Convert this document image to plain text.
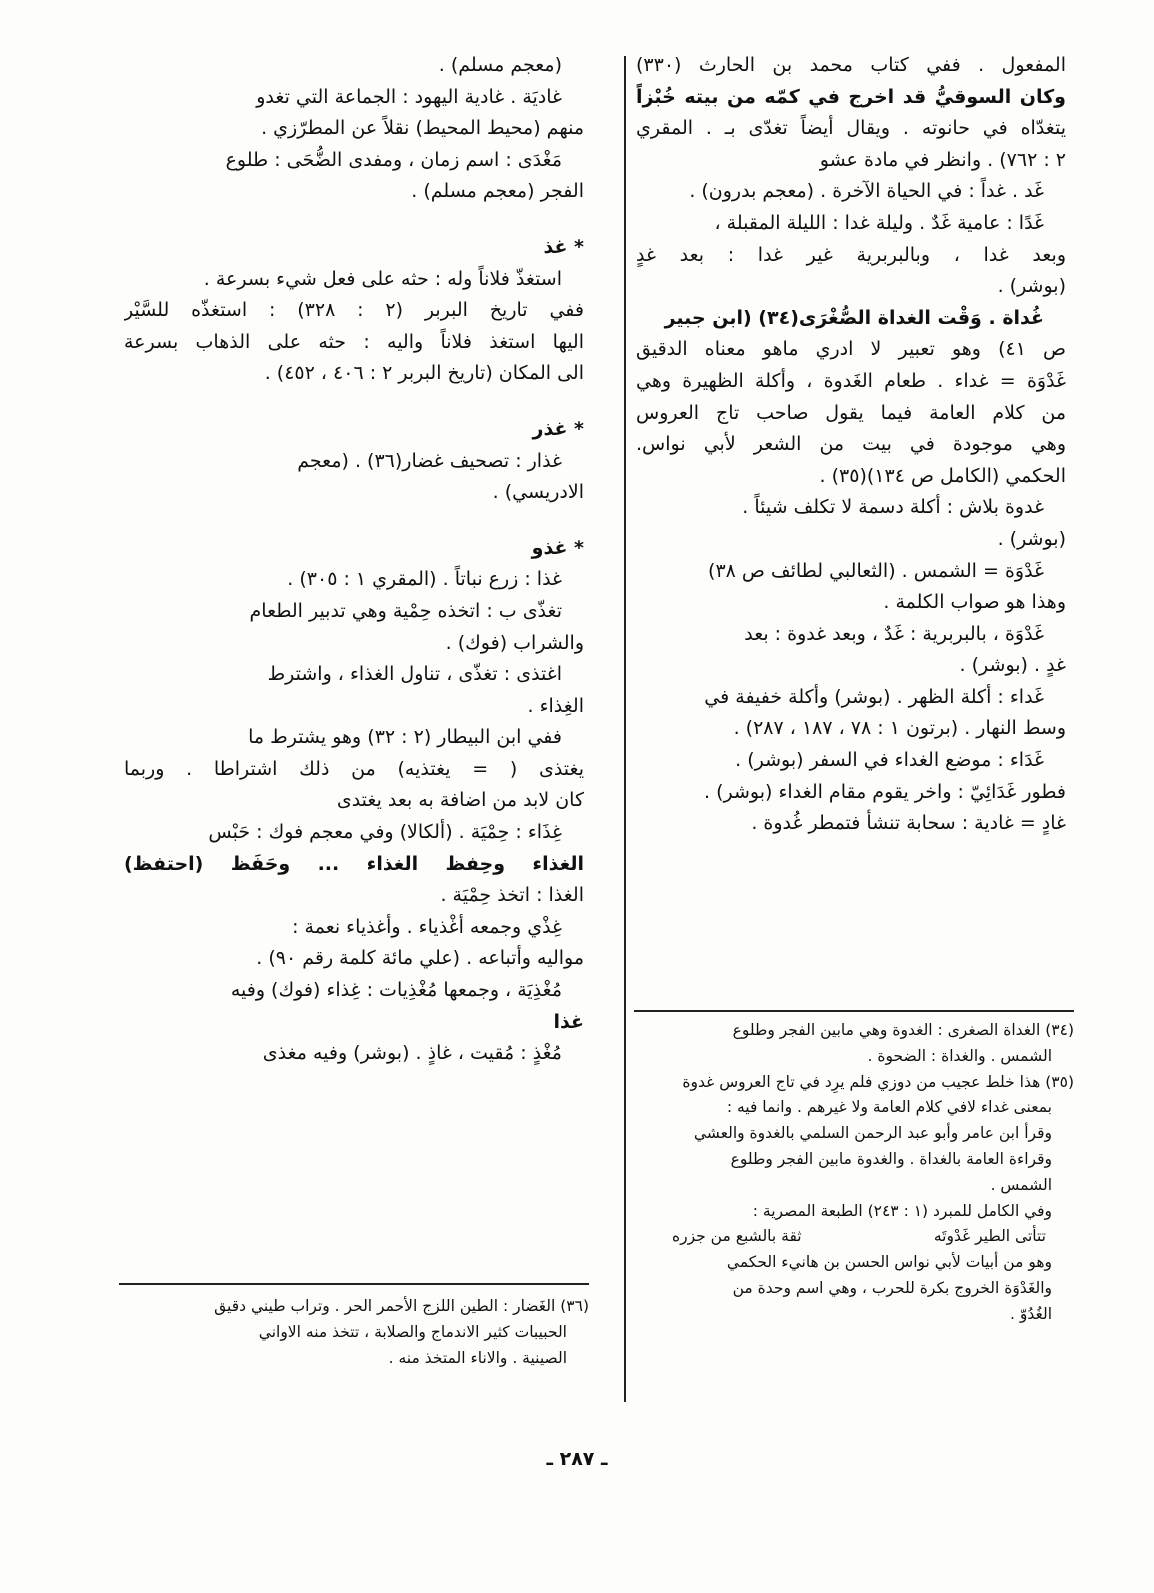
المفعول . ففي كتاب محمد بن الحارث (٣٣٠)
وكان السوقيُّ قد اخرج في كمّه من بيته خُبْزاً
يتغدّاه في حانوته . ويقال أيضاً تغدّى بـ . المقري
٢ : ٧٦٢) . وانظر في مادة عشو
غَد . غداً : في الحياة الآخرة . (معجم بدرون) .
غَدًا : عامية غَدٌ . وليلة غدا : الليلة المقبلة ،
وبعد غدا ، وبالبربرية غير غدا : بعد غدٍ
(بوشر) .
غُداة . وَقْت الغداة الصُّغْرَى(٣٤) (ابن جبير
ص ٤١) وهو تعبير لا ادري ماهو معناه الدقيق
غَدْوَة = غداء . طعام الغَدوة ، وأكلة الظهيرة وهي
من كلام العامة فيما يقول صاحب تاج العروس
وهي موجودة في بيت من الشعر لأبي نواس.
الحكمي (الكامل ص ١٣٤)(٣٥) .
غدوة بلاش : أكلة دسمة لا تكلف شيئاً .
(بوشر) .
غَدْوَة = الشمس . (الثعالبي لطائف ص ٣٨)
وهذا هو صواب الكلمة .
غَدْوَة ، بالبربرية : غَدٌ ، وبعد غدوة : بعد
غدٍ . (بوشر) .
غَداء : أكلة الظهر . (بوشر) وأكلة خفيفة في
وسط النهار . (برتون ١ : ٧٨ ، ١٨٧ ، ٢٨٧) .
غَدَاء : موضع الغداء في السفر (بوشر) .
فطور غَدَائِيّ : واخر يقوم مقام الغداء (بوشر) .
غادٍ = غادية : سحابة تنشأ فتمطر غُدوة .
(٣٤) الغداة الصغرى : الغدوة وهي مابين الفجر وطلوع
الشمس . والغداة : الضحوة .
(٣٥) هذا خلط عجيب من دوزي فلم يرِد في تاج العروس غدوة
بمعنى غداء لافي كلام العامة ولا غيرهم . وانما فيه :
وقرأ ابن عامر وأبو عبد الرحمن السلمي بالغدوة والعشي
وقراءة العامة بالغداة . والغدوة مابين الفجر وطلوع
الشمس .
وفي الكامل للمبرد (١ : ٢٤٣) الطبعة المصرية :
تتأتى الطير غَدْوتَه
ثقة بالشبع من جزره
وهو من أبيات لأبي نواس الحسن بن هانيء الحكمي
والغَدْوَة الخروج بكرة للحرب ، وهي اسم وحدة من
الغُدُوّ .
(معجم مسلم) .
غاديَة . غادية اليهود : الجماعة التي تغدو
منهم (محيط المحيط) نقلاً عن المطرّزي .
مَغْدَى : اسم زمان ، ومفدى الضُّحَى : طلوع
الفجر (معجم مسلم) .
* غذ
استغذّ فلاناً وله : حثه على فعل شيء بسرعة .
ففي تاريخ البربر (٢ : ٣٢٨) : استغذّه للسَّيْر
اليها استغذ فلاناً واليه : حثه على الذهاب بسرعة
الى المكان (تاريخ البربر ٢ : ٤٠٦ ، ٤٥٢) .
* غذر
غذار : تصحيف غضار(٣٦) . (معجم
الادريسي) .
* غذو
غذا : زرع نباتاً . (المقري ١ : ٣٠٥) .
تغذّى ب : اتخذه حِمْية وهي تدبير الطعام
والشراب (فوك) .
اغتذى : تغذّى ، تناول الغذاء ، واشترط
الغِذاء .
ففي ابن البيطار (٢ : ٣٢) وهو يشترط ما
يغتذى ( = يغتذيه) من ذلك اشتراطا . وربما
كان لابد من اضافة به بعد يغتدى
غِذَاء : حِمْيَة . (ألكالا) وفي معجم فوك : حَبْس
الغذاء وحِفظ الغذاء ... وحَفَظ (احتفظ)
الغذا : اتخذ حِمْيَة .
غِذْي وجمعه أغْذياء . وأغذياء نعمة :
مواليه وأتباعه . (علي مائة كلمة رقم ٩٠) .
مُغْذِيَة ، وجمعها مُغْذِيات : غِذاء (فوك) وفيه
غذا
مُغْذٍ : مُقيت ، غاذٍ . (بوشر) وفيه مغذى
(٣٦) الغَضار : الطين اللزج الأحمر الحر . وتراب طيني دقيق
الحبيبات كثير الاندماج والصلابة ، تتخذ منه الاواني
الصينية . والاناء المتخذ منه .
ـ ٢٨٧ ـ
